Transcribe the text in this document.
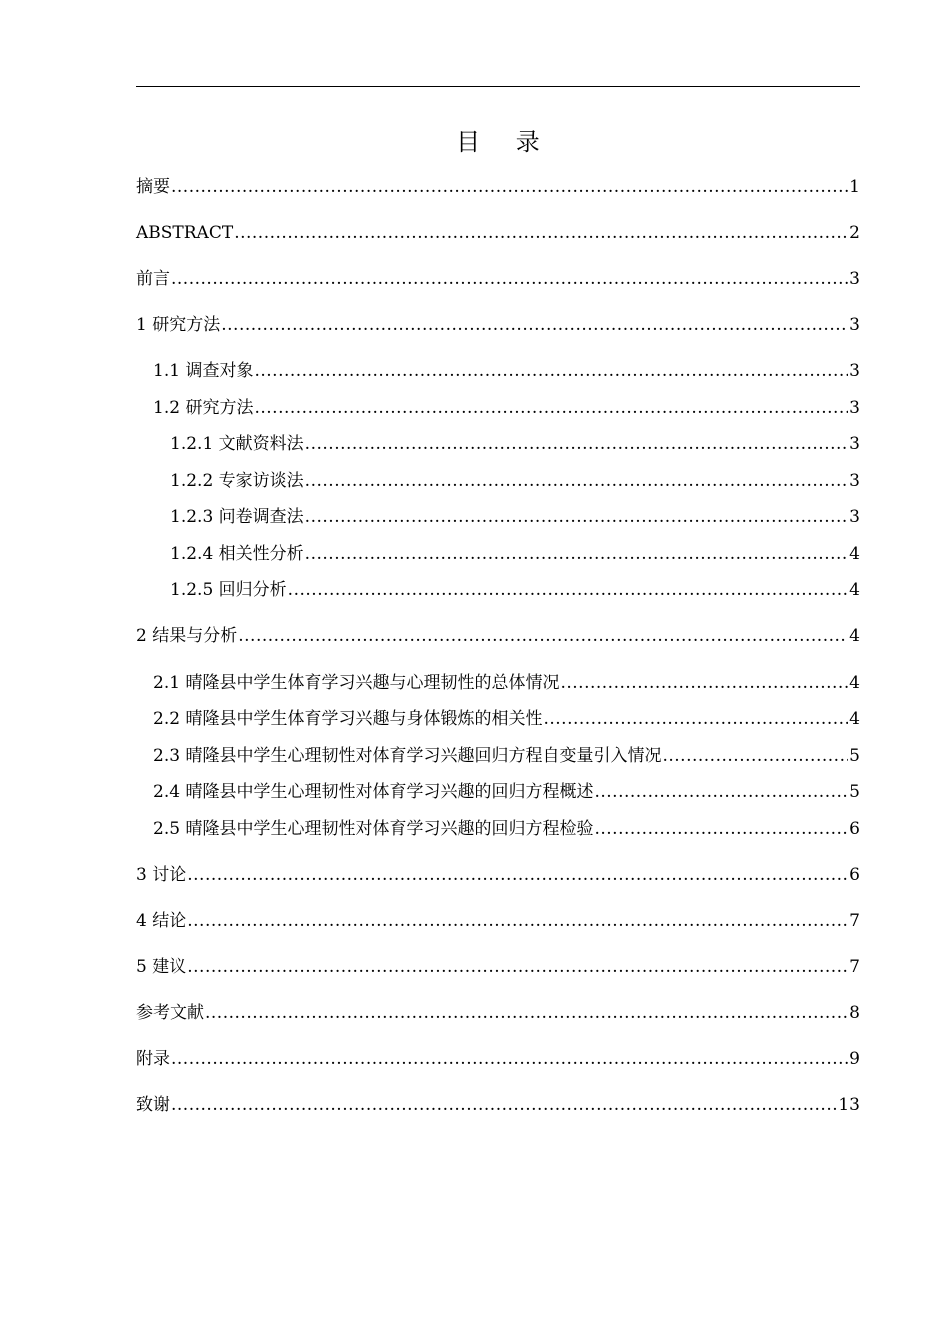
目 录
摘要 .....	1
ABSTRACT .....	2
前言 .....	3
1 研究方法 .....	3
1.1 调查对象 .....	3
1.2 研究方法 .....	3
1.2.1 文献资料法 .....	3
1.2.2 专家访谈法 .....	3
1.2.3 问卷调查法 .....	3
1.2.4 相关性分析 .....	4
1.2.5 回归分析 .....	4
2 结果与分析 .....	4
2.1 晴隆县中学生体育学习兴趣与心理韧性的总体情况 .....	4
2.2 晴隆县中学生体育学习兴趣与身体锻炼的相关性 .....	4
2.3 晴隆县中学生心理韧性对体育学习兴趣回归方程自变量引入情况 .....	5
2.4 晴隆县中学生心理韧性对体育学习兴趣的回归方程概述 .....	5
2.5 晴隆县中学生心理韧性对体育学习兴趣的回归方程检验 .....	6
3 讨论 .....	6
4 结论 .....	7
5 建议 .....	7
参考文献 .....	8
附录 .....	9
致谢 .....	13
